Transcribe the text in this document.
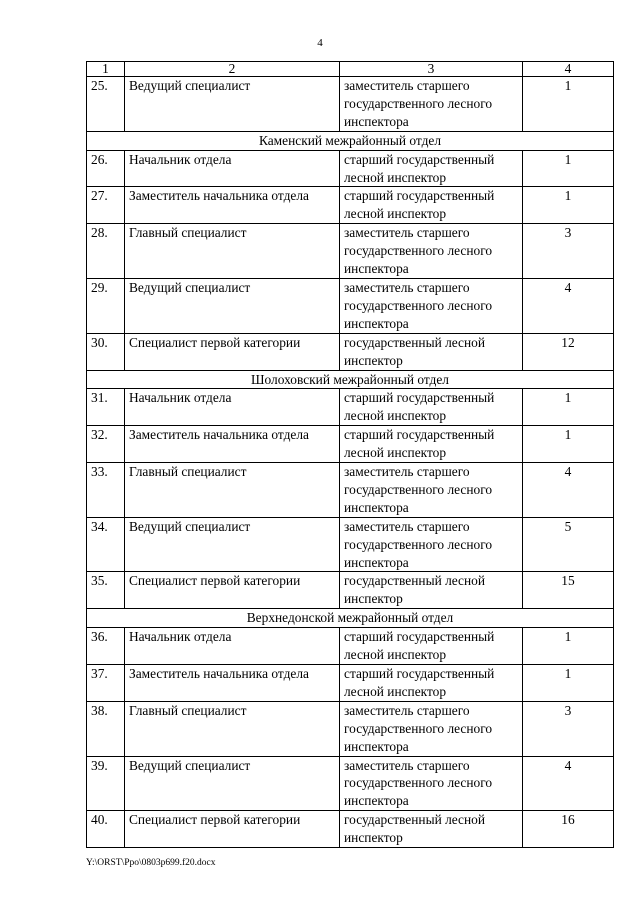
4
1	2	3	4
25.	Ведущий специалист	заместитель старшего государственного лесного инспектора	1
Каменский межрайонный отдел			
26.	Начальник отдела	старший государственный лесной инспектор	1
27.	Заместитель начальника отдела	старший государственный лесной инспектор	1
28.	Главный специалист	заместитель старшего государственного лесного инспектора	3
29.	Ведущий специалист	заместитель старшего государственного лесного инспектора	4
30.	Специалист первой категории	государственный лесной инспектор	12
Шолоховский межрайонный отдел			
31.	Начальник отдела	старший государственный лесной инспектор	1
32.	Заместитель начальника отдела	старший государственный лесной инспектор	1
33.	Главный специалист	заместитель старшего государственного лесного инспектора	4
34.	Ведущий специалист	заместитель старшего государственного лесного инспектора	5
35.	Специалист первой категории	государственный лесной инспектор	15
Верхнедонской межрайонный отдел			
36.	Начальник отдела	старший государственный лесной инспектор	1
37.	Заместитель начальника отдела	старший государственный лесной инспектор	1
38.	Главный специалист	заместитель старшего государственного лесного инспектора	3
39.	Ведущий специалист	заместитель старшего государственного лесного инспектора	4
40.	Специалист первой категории	государственный лесной инспектор	16
Y:\ORST\Ppo\0803p699.f20.docx
